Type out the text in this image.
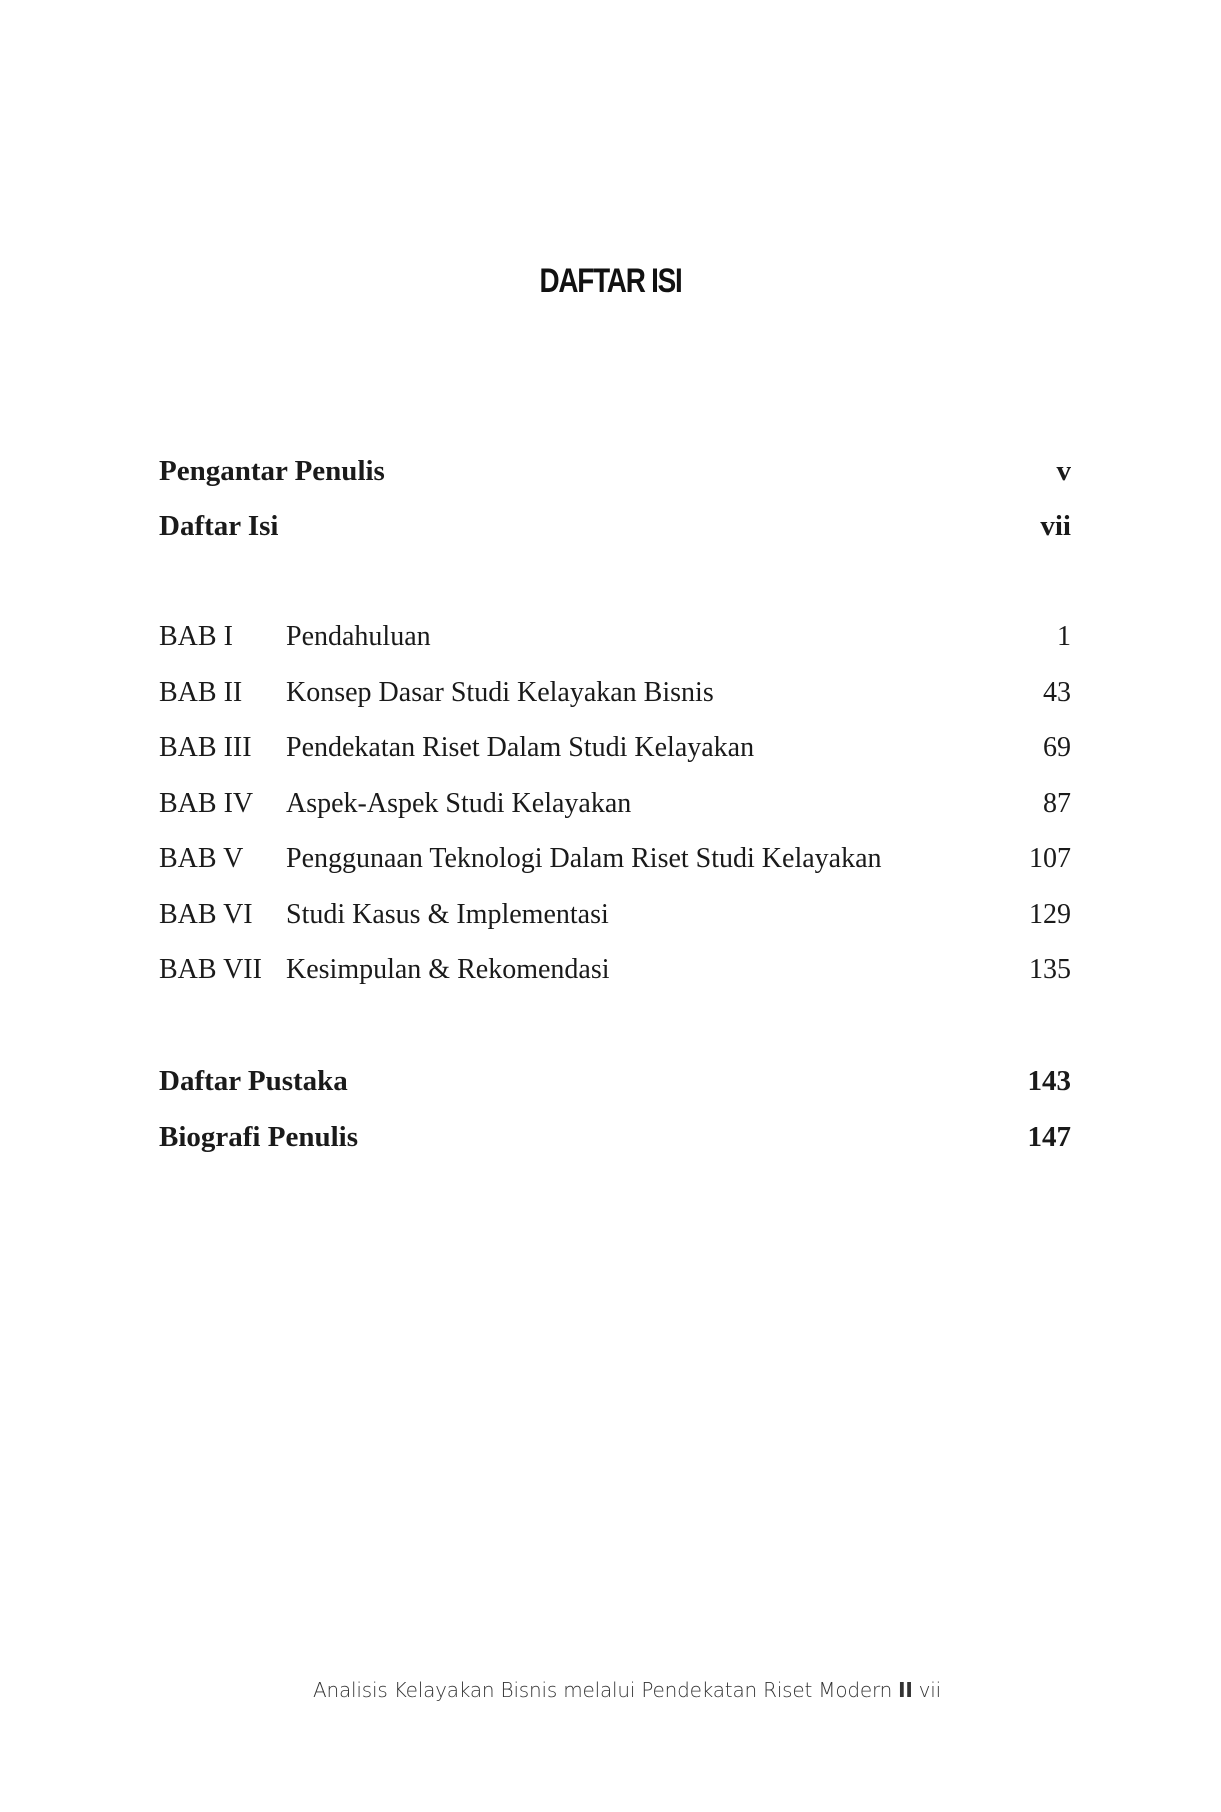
DAFTAR ISI
Pengantar Penulis	v
Daftar Isi	vii
BAB I Pendahuluan	1
BAB II Konsep Dasar Studi Kelayakan Bisnis	43
BAB III Pendekatan Riset Dalam Studi Kelayakan	69
BAB IV Aspek-Aspek Studi Kelayakan	87
BAB V Penggunaan Teknologi Dalam Riset Studi Kelayakan	107
BAB VI Studi Kasus & Implementasi	129
BAB VII Kesimpulan & Rekomendasi	135
Daftar Pustaka	143
Biografi Penulis	147
Analisis Kelayakan Bisnis melalui Pendekatan Riset Modern II vii
